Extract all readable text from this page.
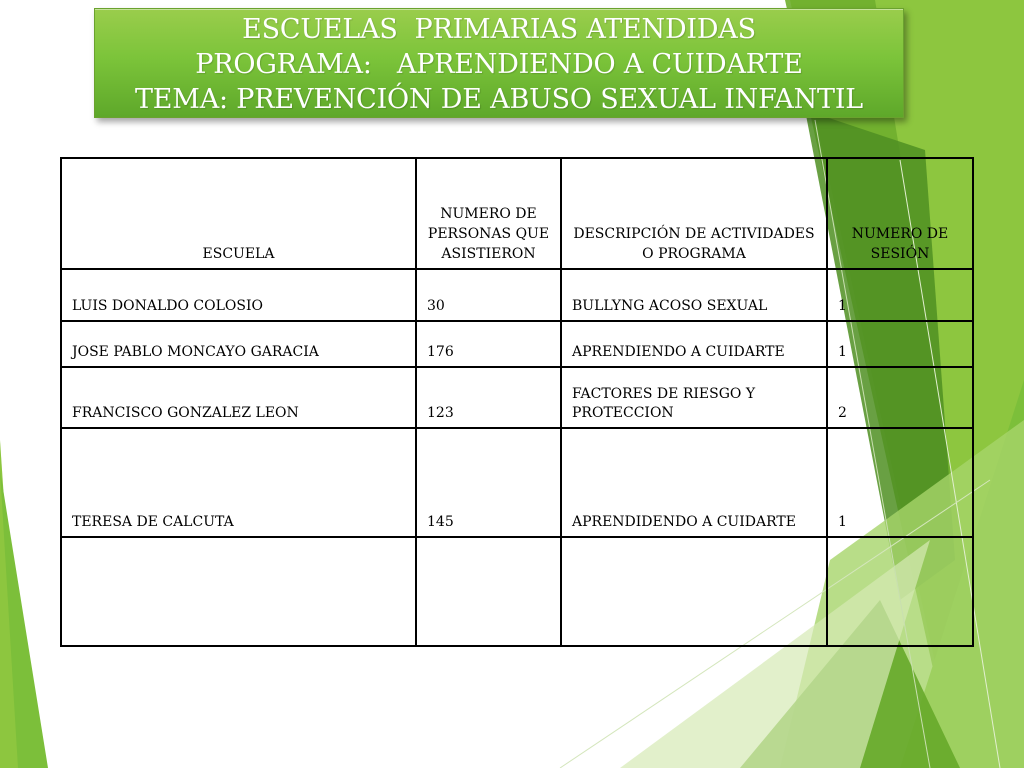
ESCUELAS  PRIMARIAS ATENDIDAS
PROGRAMA:   APRENDIENDO A CUIDARTE
TEMA: PREVENCIÓN DE ABUSO SEXUAL INFANTIL
ESCUELA	NUMERO DE PERSONAS QUE ASISTIERON	DESCRIPCIÓN DE ACTIVIDADES O PROGRAMA	NUMERO DE SESIÓN
LUIS DONALDO COLOSIO	30	BULLYNG ACOSO SEXUAL	1
JOSE PABLO MONCAYO GARACIA	176	APRENDIENDO A CUIDARTE	1
FRANCISCO GONZALEZ LEON	123	FACTORES DE RIESGO Y PROTECCION	2
TERESA DE CALCUTA	145	APRENDIDENDO A CUIDARTE	1
